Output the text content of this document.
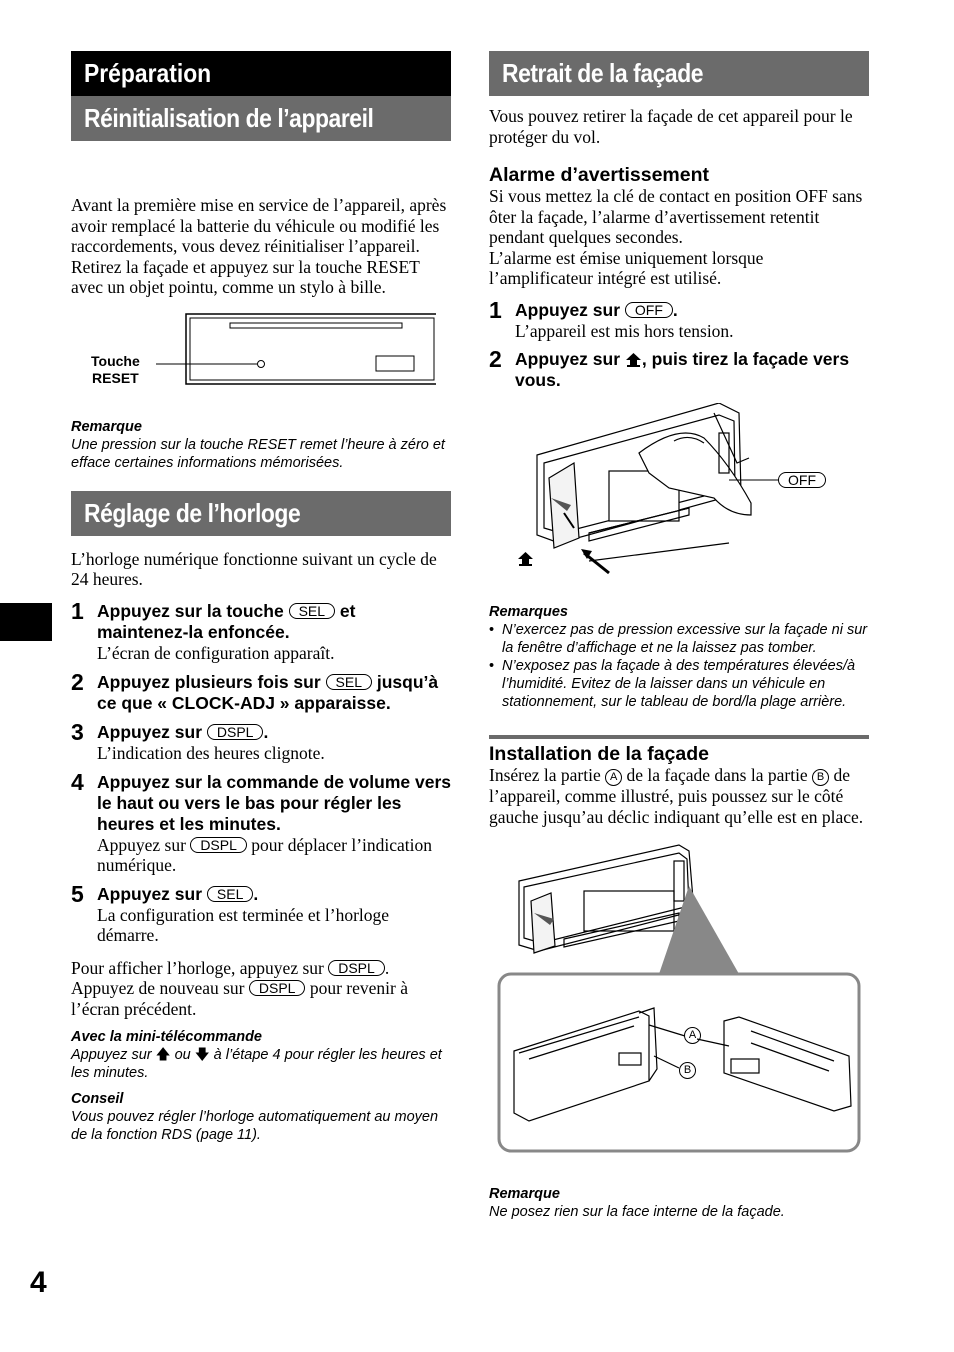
4
Préparation
Réinitialisation de l’appareil

Avant la première mise en service de l’appareil, après avoir remplacé la batterie du véhicule ou modifié les raccordements, vous devez réinitialiser l’appareil.

Retirez la façade et appuyez sur la touche RESET avec un objet pointu, comme un stylo à bille.

Touche
RESET

Remarque

Une pression sur la touche RESET remet l’heure à zéro et efface certaines informations mémorisées.

Réglage de l’horloge

L’horloge numérique fonctionne suivant un cycle de 24 heures.

1 Appuyez sur la touche SEL et maintenez-la enfoncée.

L’écran de configuration apparaît.

2 Appuyez plusieurs fois sur SEL jusqu’à ce que « CLOCK-ADJ » apparaisse.

3 Appuyez sur DSPL .

L’indication des heures clignote.

4 Appuyez sur la commande de volume vers le haut ou vers le bas pour régler les heures et les minutes.

Appuyez sur DSPL pour déplacer l’indication numérique.

5 Appuyez sur SEL .

La configuration est terminée et l’horloge démarre.

Pour afficher l’horloge, appuyez sur DSPL . Appuyez de nouveau sur DSPL pour revenir à l’écran précédent.

Avec la mini-télécommande

Appuyez sur 🡅 ou 🡇 à l’étape 4 pour régler les heures et les minutes.

Conseil

Vous pouvez régler l’horloge automatiquement au moyen de la fonction RDS (page 11).

Retrait de la façade

Vous pouvez retirer la façade de cet appareil pour le protéger du vol.

Alarme d’avertissement

Si vous mettez la clé de contact en position OFF sans ôter la façade, l’alarme d’avertissement retentit pendant quelques secondes.

L’alarme est émise uniquement lorsque l’amplificateur intégré est utilisé.

1 Appuyez sur OFF .

L’appareil est mis hors tension.

2 Appuyez sur , puis tirez la façade vers vous.

OFF

Remarques

• N’exercez pas de pression excessive sur la façade ni sur la fenêtre d’affichage et ne la laissez pas tomber.
• N’exposez pas la façade à des températures élevées/à l’humidité. Evitez de la laisser dans un véhicule en stationnement, sur le tableau de bord/la plage arrière.

Installation de la façade

Insérez la partie A de la façade dans la partie B de l’appareil, comme illustré, puis poussez sur le côté gauche jusqu’au déclic indiquant qu’elle est en place.

A
B

Remarque

Ne posez rien sur la face interne de la façade.
